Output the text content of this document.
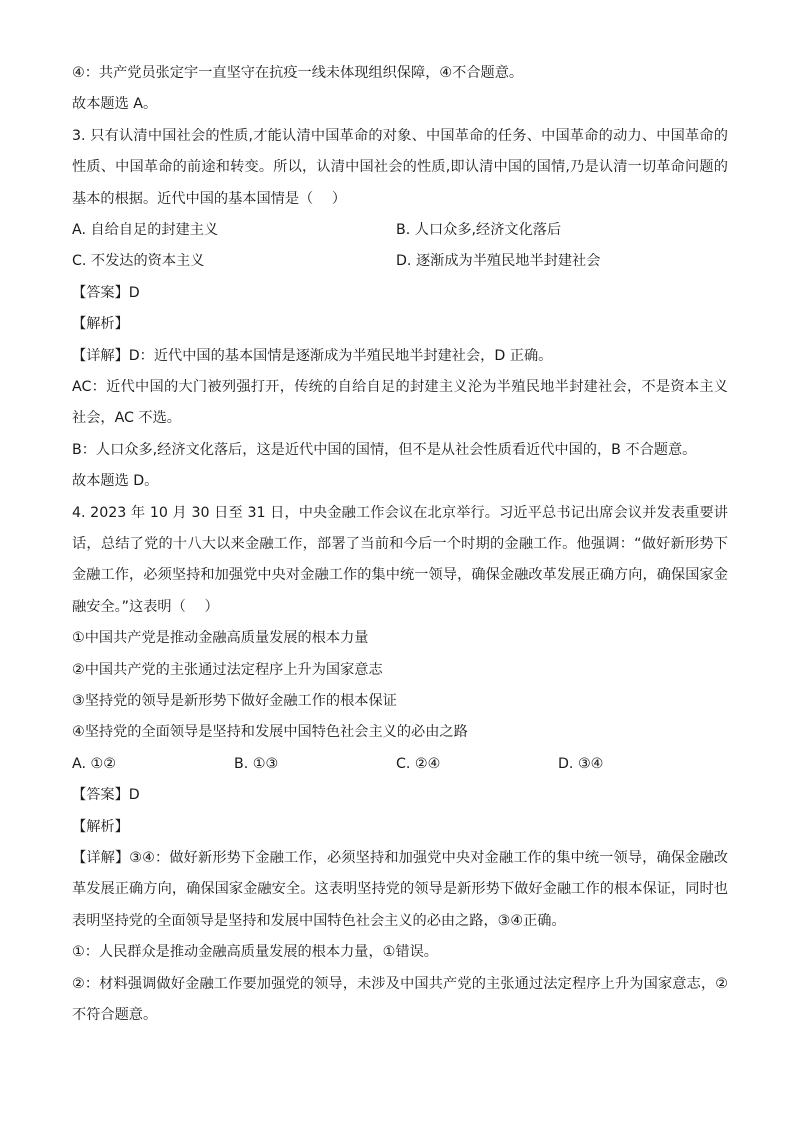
④：共产党员张定宇一直坚守在抗疫一线未体现组织保障，④不合题意。
故本题选 A。
3. 只有认清中国社会的性质,才能认清中国革命的对象、中国革命的任务、中国革命的动力、中国革命的性质、中国革命的前途和转变。所以，认清中国社会的性质,即认清中国的国情,乃是认清一切革命问题的基本的根据。近代中国的基本国情是（　 ）
A. 自给自足的封建主义	B. 人口众多,经济文化落后
C. 不发达的资本主义	D. 逐渐成为半殖民地半封建社会
【答案】D
【解析】
【详解】D：近代中国的基本国情是逐渐成为半殖民地半封建社会，D 正确。
AC：近代中国的大门被列强打开，传统的自给自足的封建主义沦为半殖民地半封建社会，不是资本主义社会，AC 不选。
B：人口众多,经济文化落后，这是近代中国的国情，但不是从社会性质看近代中国的，B 不合题意。
故本题选 D。
4. 2023 年 10 月 30 日至 31 日，中央金融工作会议在北京举行。习近平总书记出席会议并发表重要讲话，总结了党的十八大以来金融工作，部署了当前和今后一个时期的金融工作。他强调：“做好新形势下金融工作，必须坚持和加强党中央对金融工作的集中统一领导，确保金融改革发展正确方向，确保国家金融安全。”这表明（　 ）
①中国共产党是推动金融高质量发展的根本力量
②中国共产党的主张通过法定程序上升为国家意志
③坚持党的领导是新形势下做好金融工作的根本保证
④坚持党的全面领导是坚持和发展中国特色社会主义的必由之路
A. ①②	B. ①③	C. ②④	D. ③④
【答案】D
【解析】
【详解】③④：做好新形势下金融工作，必须坚持和加强党中央对金融工作的集中统一领导，确保金融改革发展正确方向，确保国家金融安全。这表明坚持党的领导是新形势下做好金融工作的根本保证，同时也表明坚持党的全面领导是坚持和发展中国特色社会主义的必由之路，③④正确。
①：人民群众是推动金融高质量发展的根本力量，①错误。
②：材料强调做好金融工作要加强党的领导，未涉及中国共产党的主张通过法定程序上升为国家意志，②不符合题意。
